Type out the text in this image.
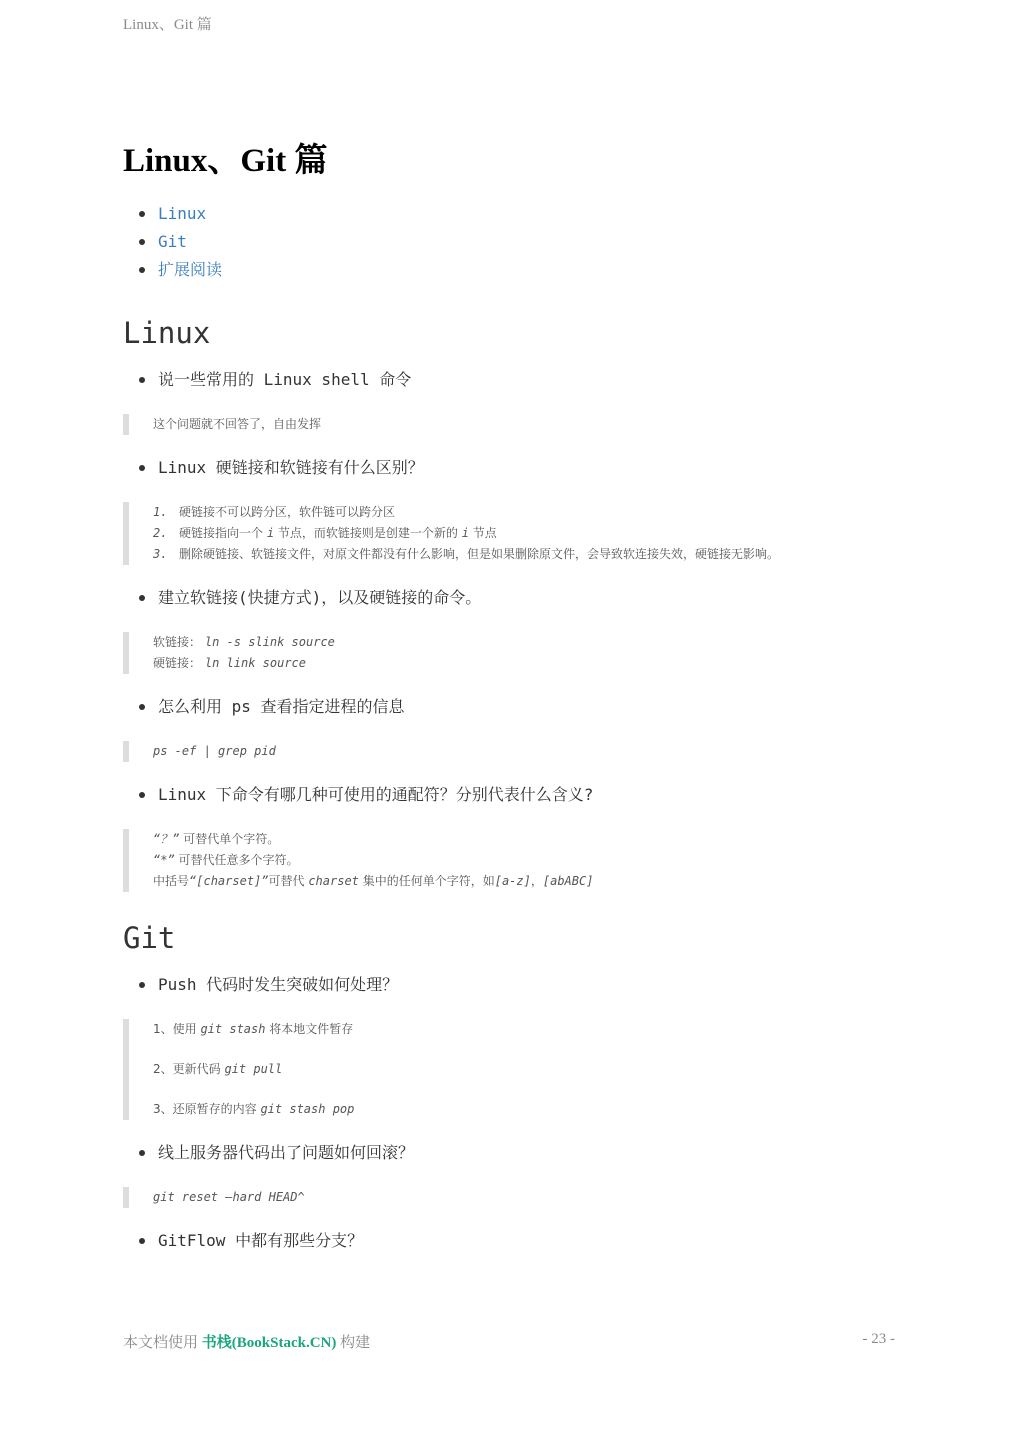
Linux、Git 篇
Linux、Git 篇
Linux
Git
扩展阅读
Linux
说一些常用的 Linux shell 命令

这个问题就不回答了，自由发挥

Linux 硬链接和软链接有什么区别？
1. 硬链接不可以跨分区，软件链可以跨分区
2. 硬链接指向一个 i 节点，而软链接则是创建一个新的 i 节点
3. 删除硬链接、软链接文件，对原文件都没有什么影响，但是如果删除原文件，会导致软连接失效，硬链接无影响。
建立软链接(快捷方式)，以及硬链接的命令。

软链接： ln -s slink source

硬链接： ln link source

怎么利用 ps 查看指定进程的信息

ps -ef | grep pid

Linux 下命令有哪几种可使用的通配符？分别代表什么含义?

“？” 可替代单个字符。

“*” 可替代任意多个字符。

中括号“[charset]”可替代 charset 集中的任何单个字符，如[a-z]，[abABC]

Git
Push 代码时发生突破如何处理？

1、使用 git stash 将本地文件暂存

2、更新代码 git pull

3、还原暂存的内容 git stash pop

线上服务器代码出了问题如何回滚？

git reset —hard HEAD^

GitFlow 中都有那些分支？
本文档使用 书栈(BookStack.CN) 构建	- 23 -
